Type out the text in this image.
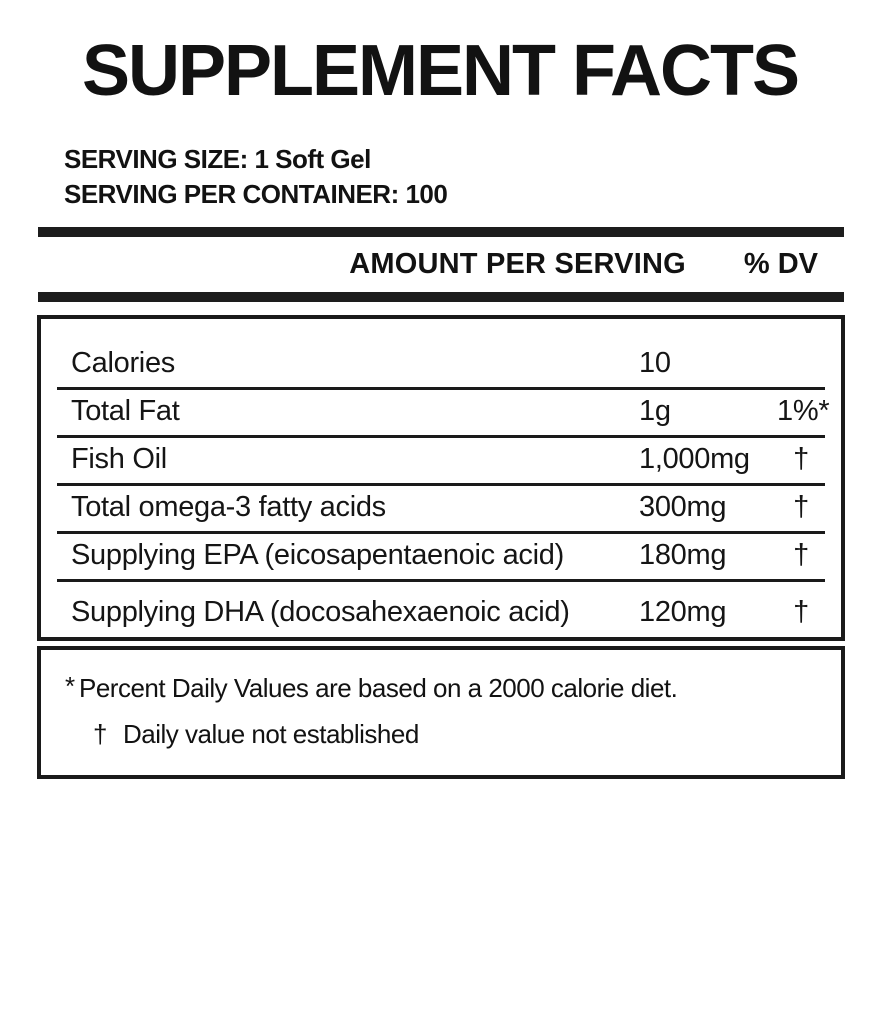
SUPPLEMENT FACTS
SERVING SIZE: 1 Soft Gel
SERVING PER CONTAINER: 100
AMOUNT PER SERVING % DV
Calories	10
Total Fat	1g	1%*
Fish Oil	1,000mg	†
Total omega-3 fatty acids	300mg	†
Supplying EPA (eicosapentaenoic acid)	180mg	†
Supplying DHA (docosahexaenoic acid)	120mg	†
* Percent Daily Values are based on a 2000 calorie diet.
† Daily value not established
